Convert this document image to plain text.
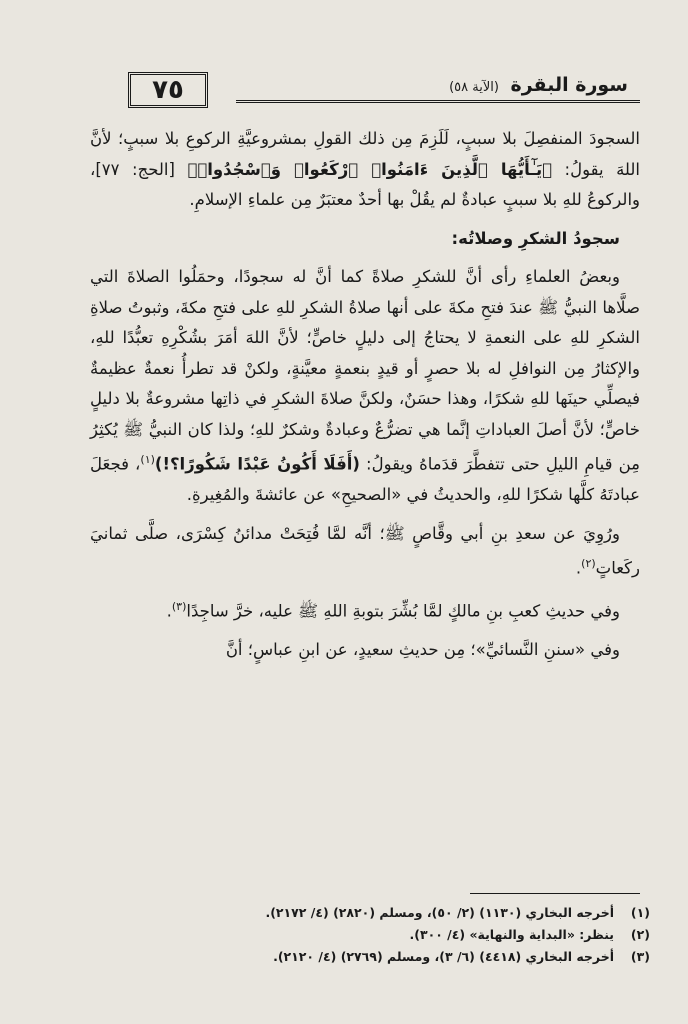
٧٥	سورة البقرة (الآية ٥٨)

السجودَ المنفصِلَ بلا سببٍ، لَلَزِمَ مِن ذلك القولِ بمشروعيَّةِ الركوعِ بلا سببٍ؛ لأنَّ اللهَ يقولُ: ﴿يَـٰٓأَيُّهَا ٱلَّذِينَ ءَامَنُوا۟ ٱرْكَعُوا۟ وَٱسْجُدُوا۟﴾ [الحج: ٧٧]، والركوعُ للهِ بلا سببٍ عبادةٌ لم يقُلْ بها أحدٌ معتبَرٌ مِن علماءِ الإسلامِ.

سجودُ الشكرِ وصلاتُه:

وبعضُ العلماءِ رأى أنَّ للشكرِ صلاةً كما أنَّ له سجودًا، وحمَلُوا الصلاةَ التي صلَّاها النبيُّ ﷺ عندَ فتحِ مكةَ على أنها صلاةُ الشكرِ للهِ على فتحِ مكةَ، وثبوتُ صلاةِ الشكرِ للهِ على النعمةِ لا يحتاجُ إلى دليلٍ خاصٍّ؛ لأنَّ اللهَ أمَرَ بشُكْرِهِ تعبُّدًا للهِ، والإكثارُ مِن النوافلِ له بلا حصرٍ أو قيدٍ بنعمةٍ معيَّنةٍ، ولكنْ قد تطرأُ نعمةٌ عظيمةٌ فيصلِّي حينَها للهِ شكرًا، وهذا حسَنٌ، ولكنَّ صلاةَ الشكرِ في ذاتِها مشروعةٌ بلا دليلٍ خاصٍّ؛ لأنَّ أصلَ العباداتِ إنَّما هي تضرُّعٌ وعبادةٌ وشكرٌ للهِ؛ ولذا كان النبيُّ ﷺ يُكثِرُ مِن قيامِ الليلِ حتى تتفطَّرَ قدَماهُ ويقولُ: (أَفَلَا أَكُونُ عَبْدًا شَكُورًا؟!)$^{(١)}$، فجعَلَ عبادتَهُ كلَّها شكرًا للهِ، والحديثُ في «الصحيحِ» عن عائشةَ والمُغِيرةِ.

ورُوِيَ عن سعدِ بنِ أبي وقَّاصٍ ﷺ؛ أنَّه لمَّا فُتِحَتْ مدائنُ كِسْرَى، صلَّى ثمانيَ ركَعاتٍ$^{(٢)}$.

وفي حديثِ كعبِ بنِ مالكٍ لمَّا بُشِّرَ بتوبةِ اللهِ ﷺ عليه، خرَّ ساجِدًا$^{(٣)}$.

وفي «سننِ النَّسائيِّ»؛ مِن حديثِ سعيدٍ، عن ابنِ عباسٍ؛ أنَّ

(١)
أخرجه البخاري (١١٣٠) (٢/ ٥٠)، ومسلم (٢٨٢٠) (٤/ ٢١٧٢).
(٢)
ينظر: «البداية والنهاية» (٤/ ٣٠٠).
(٣)
أخرجه البخاري (٤٤١٨) (٦/ ٣)، ومسلم (٢٧٦٩) (٤/ ٢١٢٠).
